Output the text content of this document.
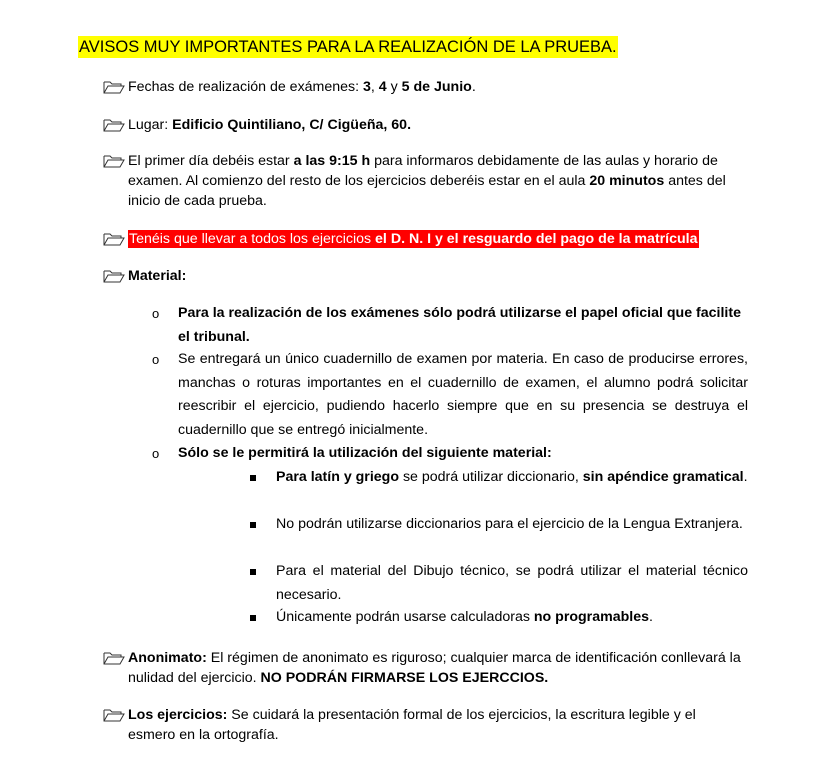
AVISOS MUY IMPORTANTES PARA LA REALIZACIÓN DE LA PRUEBA.
Fechas de realización de exámenes: 3, 4 y 5 de Junio.
Lugar: Edificio Quintiliano, C/ Cigüeña, 60.
El primer día debéis estar a las 9:15 h para informaros debidamente de las aulas y horario de examen. Al comienzo del resto de los ejercicios deberéis estar en el aula 20 minutos antes del inicio de cada prueba.
Tenéis que llevar a todos los ejercicios el D. N. I y el resguardo del pago de la matrícula
Material:
o	Para la realización de los exámenes sólo podrá utilizarse el papel oficial que facilite el tribunal.
o	Se entregará un único cuadernillo de examen por materia. En caso de producirse errores, manchas o roturas importantes en el cuadernillo de examen, el alumno podrá solicitar reescribir el ejercicio, pudiendo hacerlo siempre que en su presencia se destruya el cuadernillo que se entregó inicialmente.
o	Sólo se le permitirá la utilización del siguiente material:
Para latín y griego se podrá utilizar diccionario, sin apéndice gramatical.
No podrán utilizarse diccionarios para el ejercicio de la Lengua Extranjera.
Para el material del Dibujo técnico, se podrá utilizar el material técnico necesario.
Únicamente podrán usarse calculadoras no programables.
Anonimato: El régimen de anonimato es riguroso; cualquier marca de identificación conllevará la nulidad del ejercicio. NO PODRÁN FIRMARSE LOS EJERCCIOS.
Los ejercicios: Se cuidará la presentación formal de los ejercicios, la escritura legible y el esmero en la ortografía.
